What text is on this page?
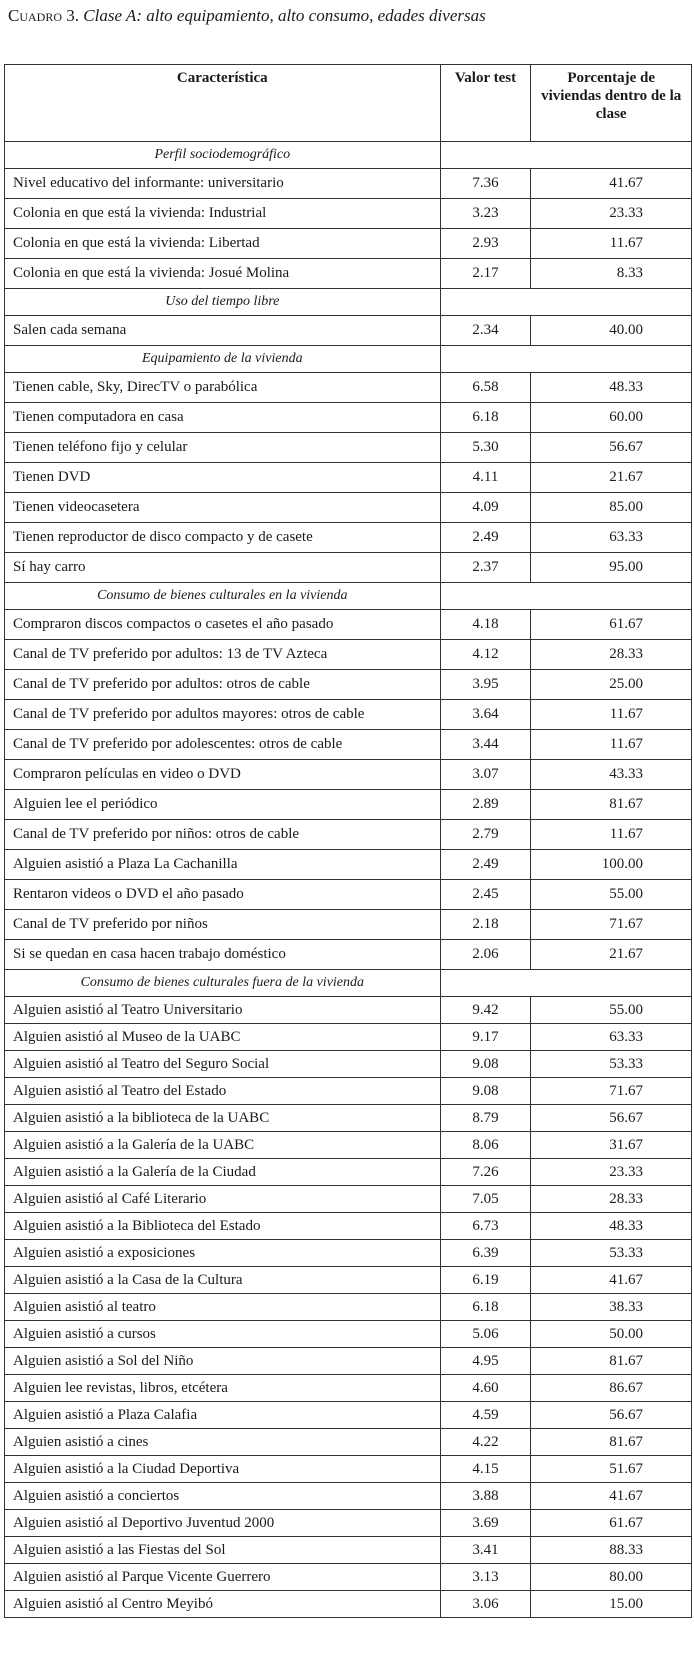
Cuadro 3. Clase A: alto equipamiento, alto consumo, edades diversas
Característica	Valor test	Porcentaje de viviendas dentro de la clase
Perfil sociodemográfico		
Nivel educativo del informante: universitario	7.36	41.67
Colonia en que está la vivienda: Industrial	3.23	23.33
Colonia en que está la vivienda: Libertad	2.93	11.67
Colonia en que está la vivienda: Josué Molina	2.17	8.33
Uso del tiempo libre		
Salen cada semana	2.34	40.00
Equipamiento de la vivienda		
Tienen cable, Sky, DirecTV o parabólica	6.58	48.33
Tienen computadora en casa	6.18	60.00
Tienen teléfono fijo y celular	5.30	56.67
Tienen DVD	4.11	21.67
Tienen videocasetera	4.09	85.00
Tienen reproductor de disco compacto y de casete	2.49	63.33
Sí hay carro	2.37	95.00
Consumo de bienes culturales en la vivienda		
Compraron discos compactos o casetes el año pasado	4.18	61.67
Canal de TV preferido por adultos: 13 de TV Azteca	4.12	28.33
Canal de TV preferido por adultos: otros de cable	3.95	25.00
Canal de TV preferido por adultos mayores: otros de cable	3.64	11.67
Canal de TV preferido por adolescentes: otros de cable	3.44	11.67
Compraron películas en video o DVD	3.07	43.33
Alguien lee el periódico	2.89	81.67
Canal de TV preferido por niños: otros de cable	2.79	11.67
Alguien asistió a Plaza La Cachanilla	2.49	100.00
Rentaron videos o DVD el año pasado	2.45	55.00
Canal de TV preferido por niños	2.18	71.67
Si se quedan en casa hacen trabajo doméstico	2.06	21.67
Consumo de bienes culturales fuera de la vivienda		
Alguien asistió al Teatro Universitario	9.42	55.00
Alguien asistió al Museo de la UABC	9.17	63.33
Alguien asistió al Teatro del Seguro Social	9.08	53.33
Alguien asistió al Teatro del Estado	9.08	71.67
Alguien asistió a la biblioteca de la UABC	8.79	56.67
Alguien asistió a la Galería de la UABC	8.06	31.67
Alguien asistió a la Galería de la Ciudad	7.26	23.33
Alguien asistió al Café Literario	7.05	28.33
Alguien asistió a la Biblioteca del Estado	6.73	48.33
Alguien asistió a exposiciones	6.39	53.33
Alguien asistió a la Casa de la Cultura	6.19	41.67
Alguien asistió al teatro	6.18	38.33
Alguien asistió a cursos	5.06	50.00
Alguien asistió a Sol del Niño	4.95	81.67
Alguien lee revistas, libros, etcétera	4.60	86.67
Alguien asistió a Plaza Calafia	4.59	56.67
Alguien asistió a cines	4.22	81.67
Alguien asistió a la Ciudad Deportiva	4.15	51.67
Alguien asistió a conciertos	3.88	41.67
Alguien asistió al Deportivo Juventud 2000	3.69	61.67
Alguien asistió a las Fiestas del Sol	3.41	88.33
Alguien asistió al Parque Vicente Guerrero	3.13	80.00
Alguien asistió al Centro Meyibó	3.06	15.00
